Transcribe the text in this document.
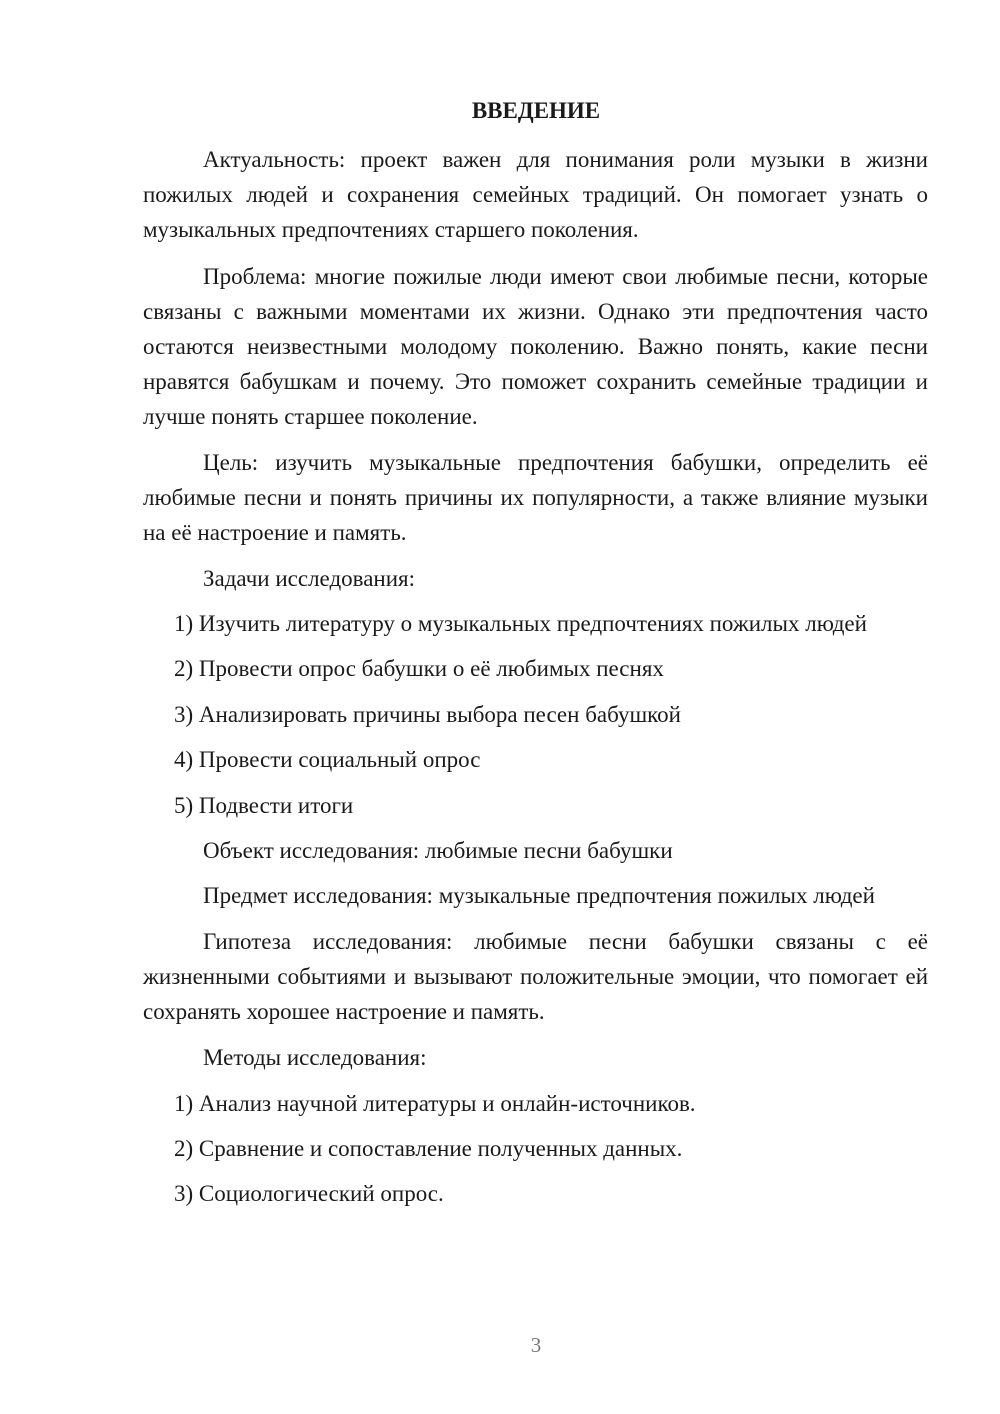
ВВЕДЕНИЕ

Актуальность: проект важен для понимания роли музыки в жизни пожилых людей и сохранения семейных традиций. Он помогает узнать о музыкальных предпочтениях старшего поколения.

Проблема: многие пожилые люди имеют свои любимые песни, которые связаны с важными моментами их жизни. Однако эти предпочтения часто остаются неизвестными молодому поколению. Важно понять, какие песни нравятся бабушкам и почему. Это поможет сохранить семейные традиции и лучше понять старшее поколение.

Цель: изучить музыкальные предпочтения бабушки, определить её любимые песни и понять причины их популярности, а также влияние музыки на её настроение и память.

Задачи исследования:

1) Изучить литературу о музыкальных предпочтениях пожилых людей

2) Провести опрос бабушки о её любимых песнях

3) Анализировать причины выбора песен бабушкой

4) Провести социальный опрос

5) Подвести итоги

Объект исследования: любимые песни бабушки

Предмет исследования: музыкальные предпочтения пожилых людей

Гипотеза исследования: любимые песни бабушки связаны с её жизненными событиями и вызывают положительные эмоции, что помогает ей сохранять хорошее настроение и память.

Методы исследования:

1) Анализ научной литературы и онлайн-источников.

2) Сравнение и сопоставление полученных данных.

3) Социологический опрос.

3
